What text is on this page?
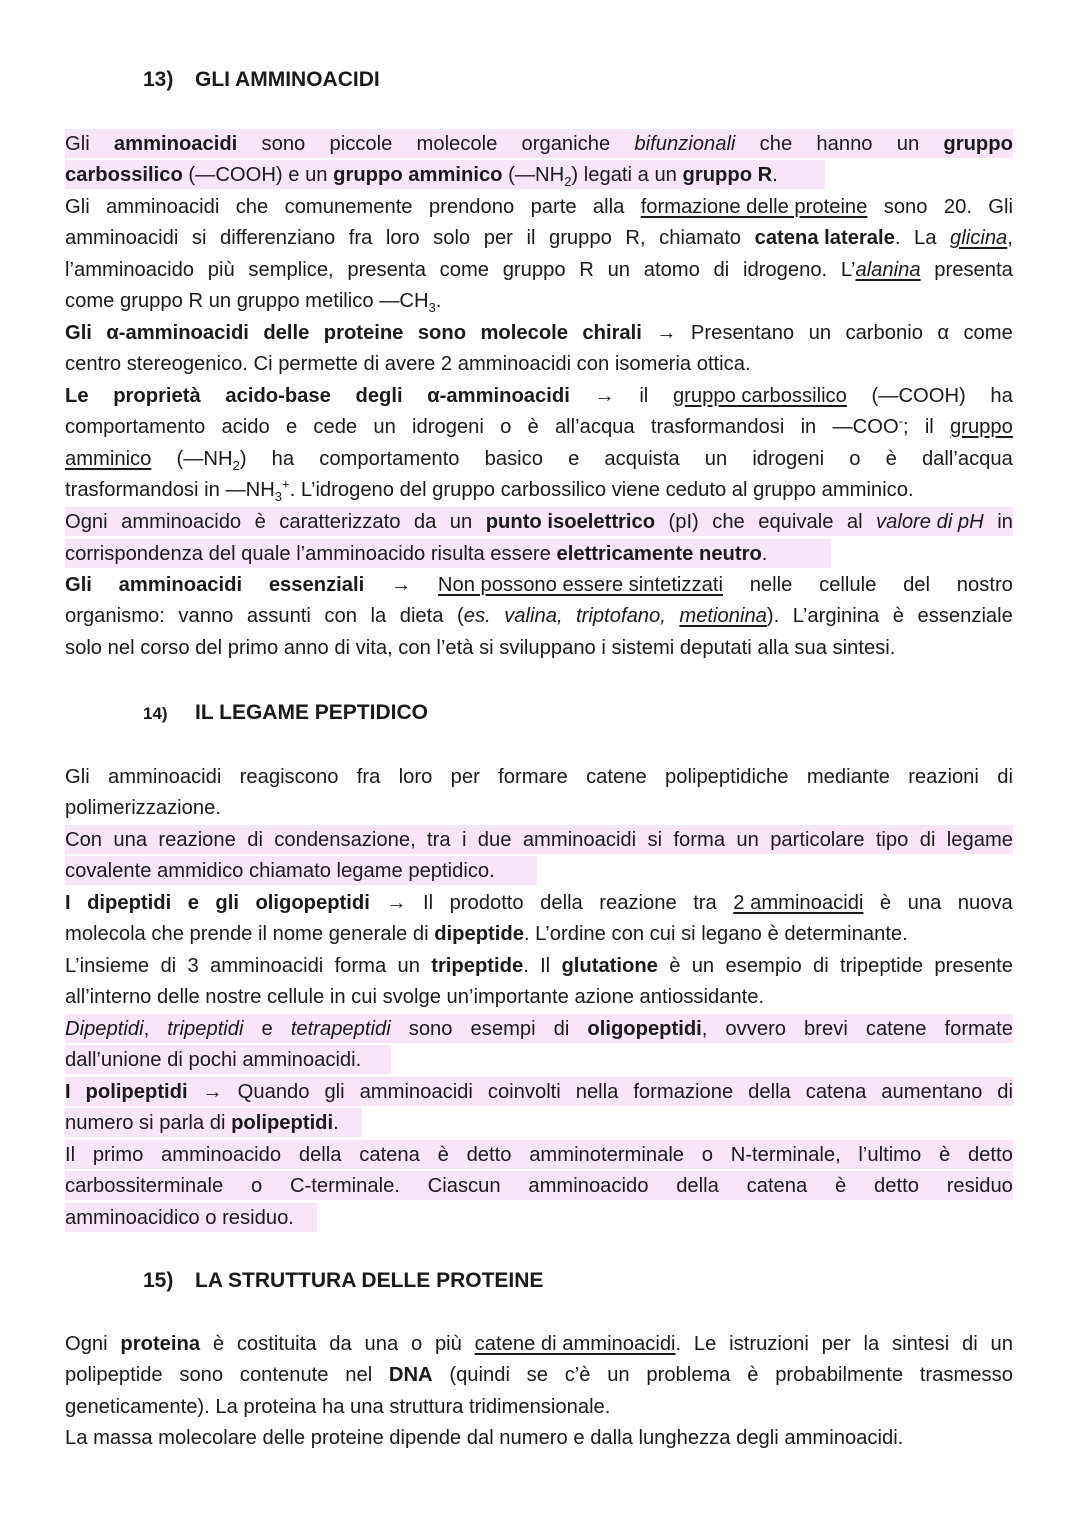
13) GLI AMMINOACIDI
Gli amminoacidi sono piccole molecole organiche bifunzionali che hanno un gruppo
carbossilico (—COOH) e un gruppo amminico $(—NH_2)$ legati a un gruppo R.
Gli amminoacidi che comunemente prendono parte alla formazione delle proteine sono 20. Gli
amminoacidi si differenziano fra loro solo per il gruppo R, chiamato catena laterale. La glicina,
l’amminoacido più semplice, presenta come gruppo R un atomo di idrogeno. L’alanina presenta
come gruppo R un gruppo metilico $—CH_3$.
Gli α-amminoacidi delle proteine sono molecole chirali → Presentano un carbonio α come
centro stereogenico. Ci permette di avere 2 amminoacidi con isomeria ottica.
Le proprietà acido-base degli α-amminoacidi → il gruppo carbossilico (—COOH) ha
comportamento acido e cede un idrogeni o è all’acqua trasformandosi in —COO-; il gruppo
amminico $(—NH_2)$ ha comportamento basico e acquista un idrogeni o è dall’acqua
trasformandosi in $—NH_3^+$. L’idrogeno del gruppo carbossilico viene ceduto al gruppo amminico.
Ogni amminoacido è caratterizzato da un punto isoelettrico (pI) che equivale al valore di pH in
corrispondenza del quale l’amminoacido risulta essere elettricamente neutro.
Gli amminoacidi essenziali → Non possono essere sintetizzati nelle cellule del nostro
organismo: vanno assunti con la dieta (es. valina, triptofano, metionina). L’arginina è essenziale
solo nel corso del primo anno di vita, con l’età si sviluppano i sistemi deputati alla sua sintesi.
14) IL LEGAME PEPTIDICO
Gli amminoacidi reagiscono fra loro per formare catene polipeptidiche mediante reazioni di
polimerizzazione.
Con una reazione di condensazione, tra i due amminoacidi si forma un particolare tipo di legame
covalente ammidico chiamato legame peptidico.
I dipeptidi e gli oligopeptidi → Il prodotto della reazione tra 2 amminoacidi è una nuova
molecola che prende il nome generale di dipeptide. L’ordine con cui si legano è determinante.
L’insieme di 3 amminoacidi forma un tripeptide. Il glutatione è un esempio di tripeptide presente
all’interno delle nostre cellule in cui svolge un’importante azione antiossidante.
Dipeptidi, tripeptidi e tetrapeptidi sono esempi di oligopeptidi, ovvero brevi catene formate
dall’unione di pochi amminoacidi.
I polipeptidi → Quando gli amminoacidi coinvolti nella formazione della catena aumentano di
numero si parla di polipeptidi.
Il primo amminoacido della catena è detto amminoterminale o N-terminale, l’ultimo è detto
carbossiterminale o C-terminale. Ciascun amminoacido della catena è detto residuo
amminoacidico o residuo.
15) LA STRUTTURA DELLE PROTEINE
Ogni proteina è costituita da una o più catene di amminoacidi. Le istruzioni per la sintesi di un
polipeptide sono contenute nel DNA (quindi se c’è un problema è probabilmente trasmesso
geneticamente). La proteina ha una struttura tridimensionale.
La massa molecolare delle proteine dipende dal numero e dalla lunghezza degli amminoacidi.
